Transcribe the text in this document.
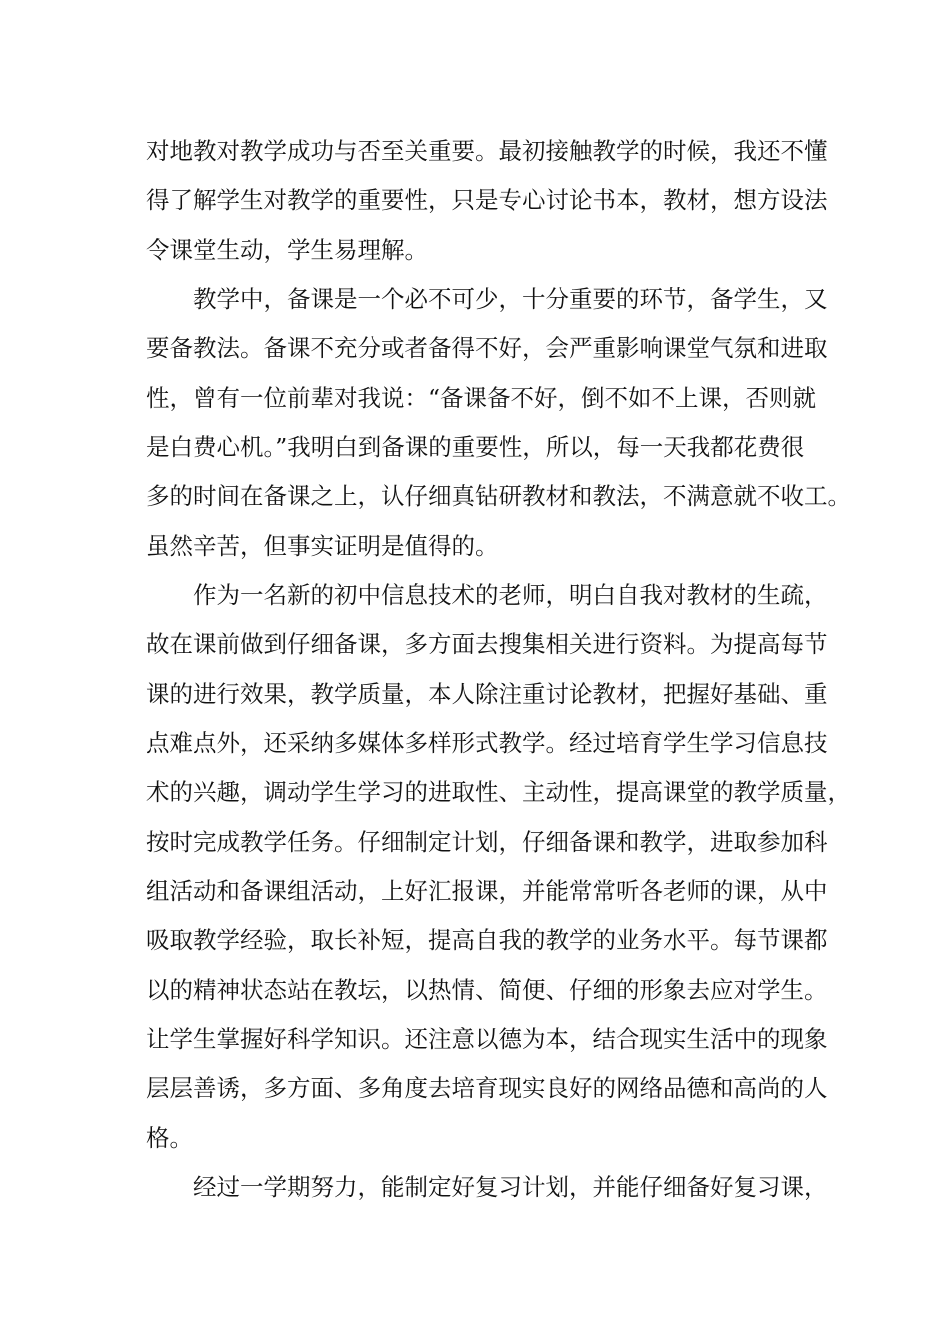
对地教对教学成功与否至关重要。最初接触教学的时候，我还不懂
得了解学生对教学的重要性，只是专心讨论书本，教材，想方设法
令课堂生动，学生易理解。
教学中，备课是一个必不可少，十分重要的环节，备学生，又
要备教法。备课不充分或者备得不好，会严重影响课堂气氛和进取
性，曾有一位前辈对我说：“备课备不好，倒不如不上课，否则就
是白费心机。”我明白到备课的重要性，所以，每一天我都花费很
多的时间在备课之上，认仔细真钻研教材和教法，不满意就不收工。
虽然辛苦，但事实证明是值得的。
作为一名新的初中信息技术的老师，明白自我对教材的生疏，
故在课前做到仔细备课，多方面去搜集相关进行资料。为提高每节
课的进行效果，教学质量，本人除注重讨论教材，把握好基础、重
点难点外，还采纳多媒体多样形式教学。经过培育学生学习信息技
术的兴趣，调动学生学习的进取性、主动性，提高课堂的教学质量，
按时完成教学任务。仔细制定计划，仔细备课和教学，进取参加科
组活动和备课组活动，上好汇报课，并能常常听各老师的课，从中
吸取教学经验，取长补短，提高自我的教学的业务水平。每节课都
以的精神状态站在教坛，以热情、简便、仔细的形象去应对学生。
让学生掌握好科学知识。还注意以德为本，结合现实生活中的现象
层层善诱，多方面、多角度去培育现实良好的网络品德和高尚的人
格。
经过一学期努力，能制定好复习计划，并能仔细备好复习课，
